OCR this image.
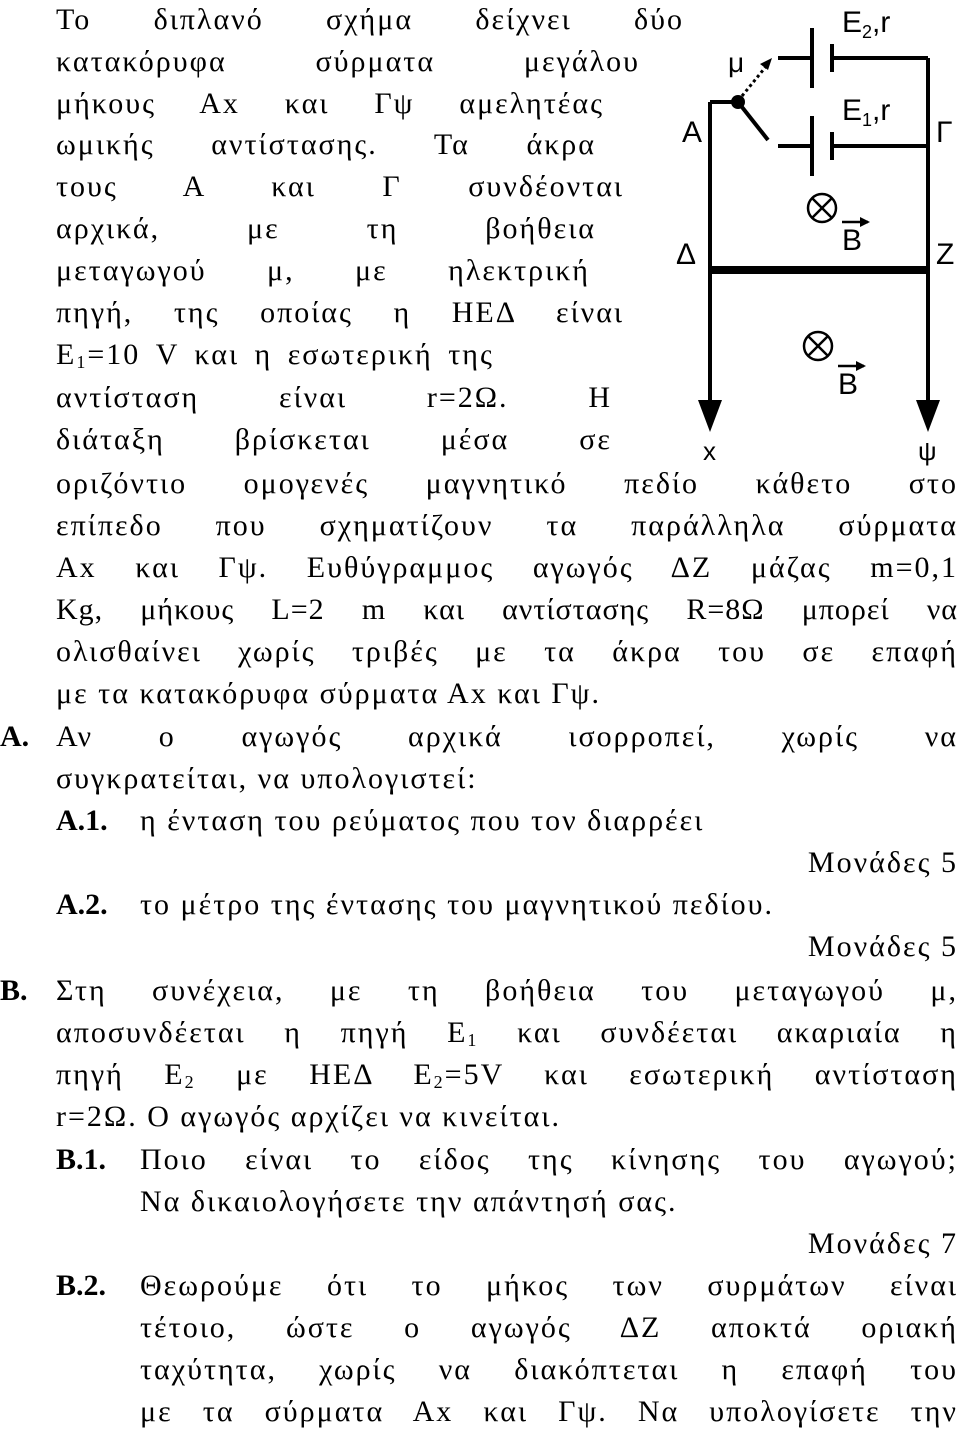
Το διπλανό σχήμα δείχνει δύο
κατακόρυφα σύρματα μεγάλου
μήκους Αx και Γψ αμελητέας
ωμικής αντίστασης. Τα άκρα
τους Α και Γ συνδέονται
αρχικά, με τη βοήθεια
μεταγωγού μ, με ηλεκτρική
πηγή, της οποίας η ΗΕΔ είναι
$E_1=10$ V και η εσωτερική της
αντίσταση είναι r=2Ω. Η
διάταξη βρίσκεται μέσα σε
οριζόντιο ομογενές μαγνητικό πεδίο κάθετο στο
επίπεδο που σχηματίζουν τα παράλληλα σύρματα
Αx και Γψ. Ευθύγραμμος αγωγός ΔΖ μάζας m=0,1
Kg, μήκους L=2 m και αντίστασης R=8Ω μπορεί να
ολισθαίνει χωρίς τριβές με τα άκρα του σε επαφή
με τα κατακόρυφα σύρματα Αx και Γψ.
Α. Αν ο αγωγός αρχικά ισορροπεί, χωρίς να
συγκρατείται, να υπολογιστεί:
Α.1. η ένταση του ρεύματος που τον διαρρέει
Μονάδες 5
Α.2. το μέτρο της έντασης του μαγνητικού πεδίου.
Μονάδες 5
Β. Στη συνέχεια, με τη βοήθεια του μεταγωγού μ,
αποσυνδέεται η πηγή $E_1$ και συνδέεται ακαριαία η
πηγή $E_2$ με ΗΕΔ $E_2=5V$ και εσωτερική αντίσταση
r=2Ω. Ο αγωγός αρχίζει να κινείται.
Β.1. Ποιο είναι το είδος της κίνησης του αγωγού;
Να δικαιολογήσετε την απάντησή σας.
Μονάδες 7
Β.2. Θεωρούμε ότι το μήκος των συρμάτων είναι
τέτοιο, ώστε ο αγωγός ΔΖ αποκτά οριακή
ταχύτητα, χωρίς να διακόπτεται η επαφή του
με τα σύρματα Αx και Γψ. Να υπολογίσετε την
$E_2,r$
$E_1,r$
μ
Α	Γ
Δ	Ζ
B
B
x	ψ
